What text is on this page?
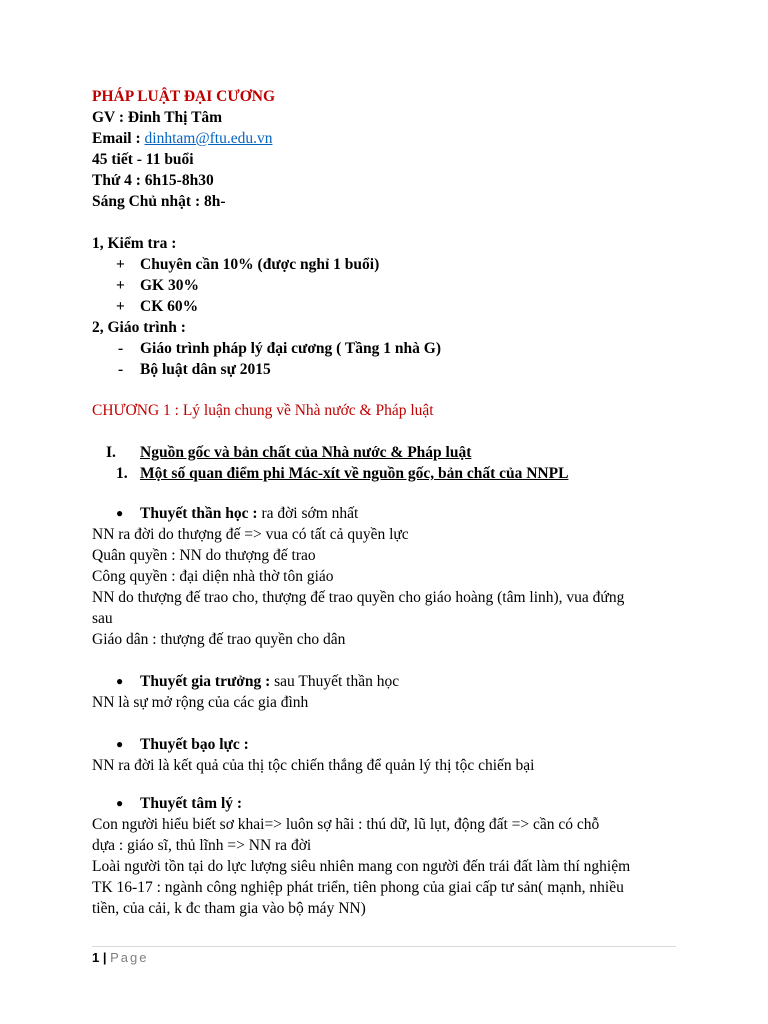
PHÁP LUẬT ĐẠI CƯƠNG
GV : Đinh Thị Tâm
Email : dinhtam@ftu.edu.vn
45 tiết - 11 buổi
Thứ 4 : 6h15-8h30
Sáng Chủ nhật : 8h-
1, Kiểm tra :
+ Chuyên cần 10% (được nghỉ 1 buổi)
+ GK 30%
+ CK 60%
2, Giáo trình :
- Giáo trình pháp lý đại cương ( Tầng 1 nhà G)
- Bộ luật dân sự 2015
CHƯƠNG 1 : Lý luận chung về Nhà nước & Pháp luật
I. Nguồn gốc và bản chất của Nhà nước & Pháp luật
1. Một số quan điểm phi Mác-xít về nguồn gốc, bản chất của NNPL
● Thuyết thần học : ra đời sớm nhất
NN ra đời do thượng đế => vua có tất cả quyền lực
Quân quyền : NN do thượng đế trao
Công quyền : đại diện nhà thờ tôn giáo
NN do thượng đế trao cho, thượng đế trao quyền cho giáo hoàng (tâm linh), vua đứng
sau
Giáo dân : thượng đế trao quyền cho dân
● Thuyết gia trưởng : sau Thuyết thần học
NN là sự mở rộng của các gia đình
● Thuyết bạo lực :
NN ra đời là kết quả của thị tộc chiến thắng để quản lý thị tộc chiến bại
● Thuyết tâm lý :
Con người hiểu biết sơ khai=> luôn sợ hãi : thú dữ, lũ lụt, động đất => cần có chỗ
dựa : giáo sĩ, thủ lĩnh => NN ra đời
Loài người tồn tại do lực lượng siêu nhiên mang con người đến trái đất làm thí nghiệm
TK 16-17 : ngành công nghiệp phát triển, tiên phong của giai cấp tư sản( mạnh, nhiều
tiền, của cải, k đc tham gia vào bộ máy NN)
1 | Page
